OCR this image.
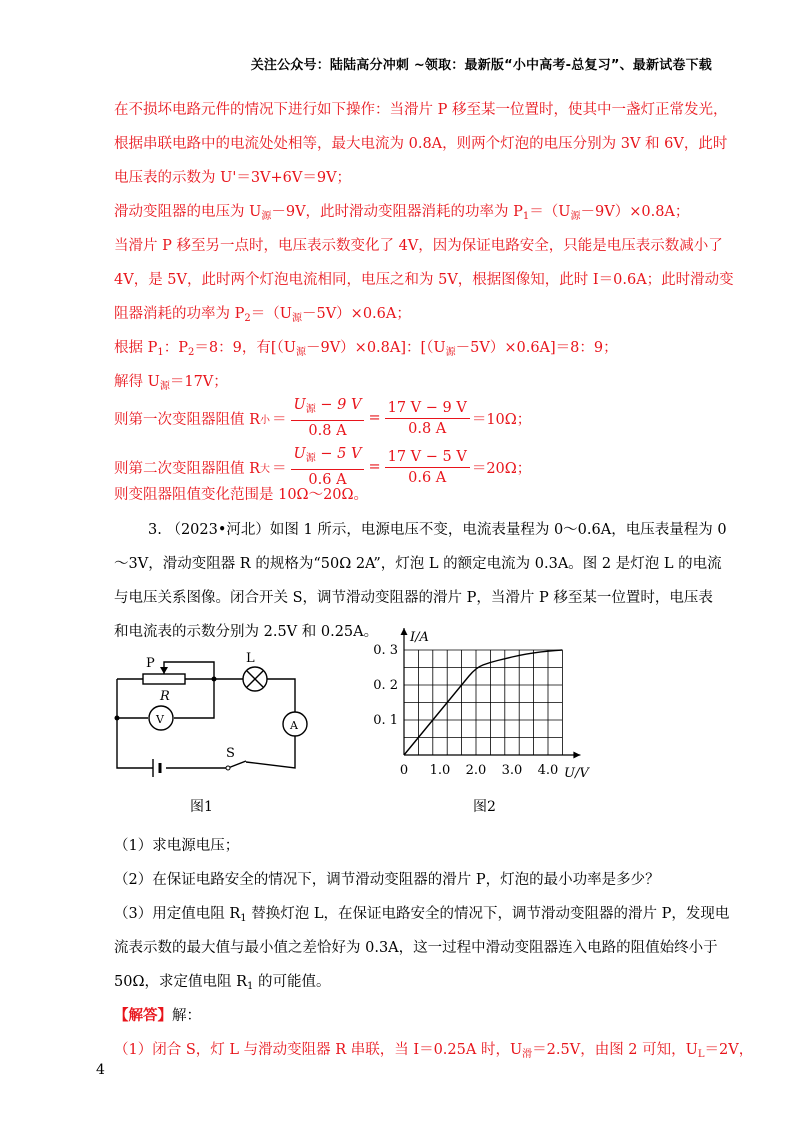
关注公众号：陆陆高分冲刺 ~领取：最新版“小中高考-总复习”、最新试卷下载
在不损坏电路元件的情况下进行如下操作：当滑片 P 移至某一位置时，使其中一盏灯正常发光，
根据串联电路中的电流处处相等，最大电流为 0.8A，则两个灯泡的电压分别为 3V 和 6V，此时
电压表的示数为 U'＝3V+6V＝9V；
滑动变阻器的电压为 $U_源-9V$，此时滑动变阻器消耗的功率为 $P_1=(U_源-9V)\times 0.8A$；
当滑片 P 移至另一点时，电压表示数变化了 4V，因为保证电路安全，只能是电压表示数减小了
4V，是 5V，此时两个灯泡电流相同，电压之和为 5V，根据图像知，此时 I＝0.6A；此时滑动变
阻器消耗的功率为 $P_2=(U_源-5V)\times 0.6A$；
根据 $P_1$：$P_2=8$：9，有$[(U_源-9V)\times 0.8A]$：$[(U_源-5V)\times 0.6A]=8$：9；
解得 $U_源=17V$；
则第一次变阻器阻值 R 小 ＝ $\frac{U_源 - 9 V}{0.8 A} = \frac{17 V - 9 V}{0.8 A} =10\Omega$；
则第二次变阻器阻值 R 大 ＝ $\frac{U_源 - 5 V}{0.6 A} = \frac{17 V - 5 V}{0.6 A} =20\Omega$；
则变阻器阻值变化范围是 10Ω～20Ω。
3. （2023•河北）如图 1 所示，电源电压不变，电流表量程为 0～0.6A，电压表量程为 0
～3V，滑动变阻器 R 的规格为“50Ω 2A”，灯泡 L 的额定电流为 0.3A。图 2 是灯泡 L 的电流
与电压关系图像。闭合开关 S，调节滑动变阻器的滑片 P，当滑片 P 移至某一位置时，电压表
和电流表的示数分别为 2.5V 和 0.25A。
P
R
L
S
V	A
图1
0 1.0 2.0 3.0 4.0
0. 1
0. 2
0. 3
I/A
U/V
图2
（1）求电源电压；
（2）在保证电路安全的情况下，调节滑动变阻器的滑片 P，灯泡的最小功率是多少？
（3）用定值电阻 $R_1$ 替换灯泡 L，在保证电路安全的情况下，调节滑动变阻器的滑片 P，发现电
流表示数的最大值与最小值之差恰好为 0.3A，这一过程中滑动变阻器连入电路的阻值始终小于
50Ω，求定值电阻 $R_1$ 的可能值。
【解答】解：
（1）闭合 S，灯 L 与滑动变阻器 R 串联，当 I＝0.25A 时，$U_滑=2.5V$，由图 2 可知，$U_L=2V$，
4
